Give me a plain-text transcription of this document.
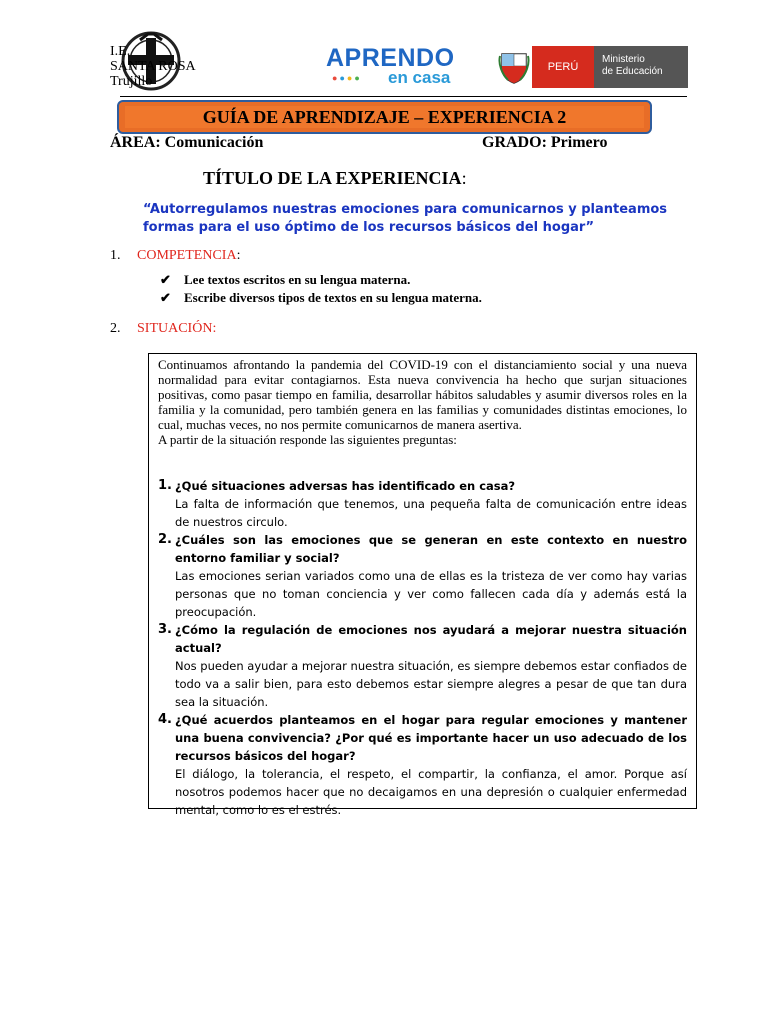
I.E.
SANTA ROSA
Trujillo
APRENDO
●●●● en casa
PERÚ
Ministerio
de Educación
GUÍA DE APRENDIZAJE – EXPERIENCIA 2
ÁREA: Comunicación	GRADO: Primero
TÍTULO DE LA EXPERIENCIA:
“Autorregulamos nuestras emociones para comunicarnos y planteamos formas para el uso óptimo de los recursos básicos del hogar”
1. COMPETENCIA:
✔ Lee textos escritos en su lengua materna.
✔ Escribe diversos tipos de textos en su lengua materna.
2. SITUACIÓN:

Continuamos afrontando la pandemia del COVID-19 con el distanciamiento social y una nueva normalidad para evitar contagiarnos. Esta nueva convivencia ha hecho que surjan situaciones positivas, como pasar tiempo en familia, desarrollar hábitos saludables y asumir diversos roles en la familia y la comunidad, pero también genera en las familias y comunidades distintas emociones, lo cual, muchas veces, no nos permite comunicarnos de manera asertiva.

A partir de la situación responde las siguientes preguntas:

1. ¿Qué situaciones adversas has identificado en casa?
La falta de información que tenemos, una pequeña falta de comunicación entre ideas de nuestros circulo.
2. ¿Cuáles son las emociones que se generan en este contexto en nuestro entorno familiar y social?
Las emociones serian variados como una de ellas es la tristeza de ver como hay varias personas que no toman conciencia y ver como fallecen cada día y además está la preocupación.
3. ¿Cómo la regulación de emociones nos ayudará a mejorar nuestra situación actual?
Nos pueden ayudar a mejorar nuestra situación, es siempre debemos estar confiados de todo va a salir bien, para esto debemos estar siempre alegres a pesar de que tan dura sea la situación.
4. ¿Qué acuerdos planteamos en el hogar para regular emociones y mantener una buena convivencia? ¿Por qué es importante hacer un uso adecuado de los recursos básicos del hogar?
El diálogo, la tolerancia, el respeto, el compartir, la confianza, el amor. Porque así nosotros podemos hacer que no decaigamos en una depresión o cualquier enfermedad mental, como lo es el estrés.
